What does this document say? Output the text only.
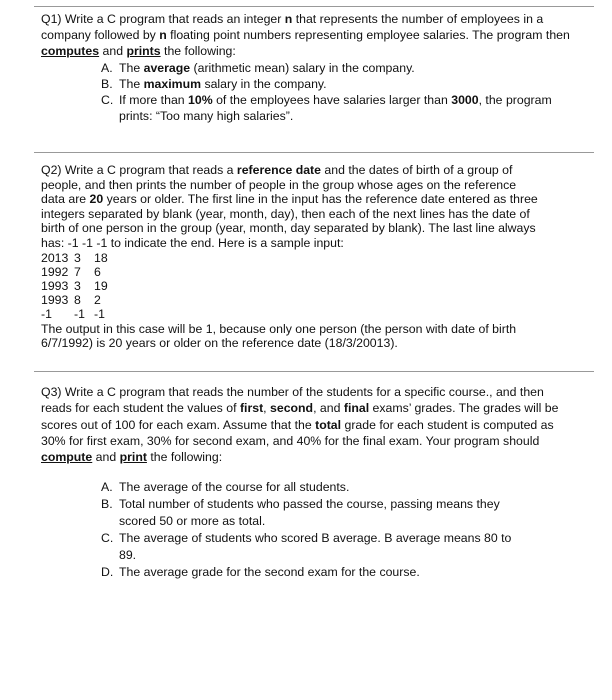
Q1) Write a C program that reads an integer n that represents the number of employees in a company followed by n floating point numbers representing employee salaries. The program then computes and prints the following:

A. The average (arithmetic mean) salary in the company.
B. The maximum salary in the company.
C. If more than 10% of the employees have salaries larger than 3000, the program prints: “Too many high salaries”.

Q2) Write a C program that reads a reference date and the dates of birth of a group of people, and then prints the number of people in the group whose ages on the reference data are 20 years or older. The first line in the input has the reference date entered as three integers separated by blank (year, month, day), then each of the next lines has the date of birth of one person in the group (year, month, day separated by blank). The last line always has: -1 -1 -1 to indicate the end. Here is a sample input:

2013 3 18
1992 7 6
1993 3 19
1993 8 2
-1 -1 -1

The output in this case will be 1, because only one person (the person with date of birth 6/7/1992) is 20 years or older on the reference date (18/3/20013).

Q3) Write a C program that reads the number of the students for a specific course., and then reads for each student the values of first, second, and final exams’ grades. The grades will be scores out of 100 for each exam. Assume that the total grade for each student is computed as 30% for first exam, 30% for second exam, and 40% for the final exam. Your program should compute and print the following:

A. The average of the course for all students.
B. Total number of students who passed the course, passing means they scored 50 or more as total.
C. The average of students who scored B average. B average means 80 to 89.
D. The average grade for the second exam for the course.
